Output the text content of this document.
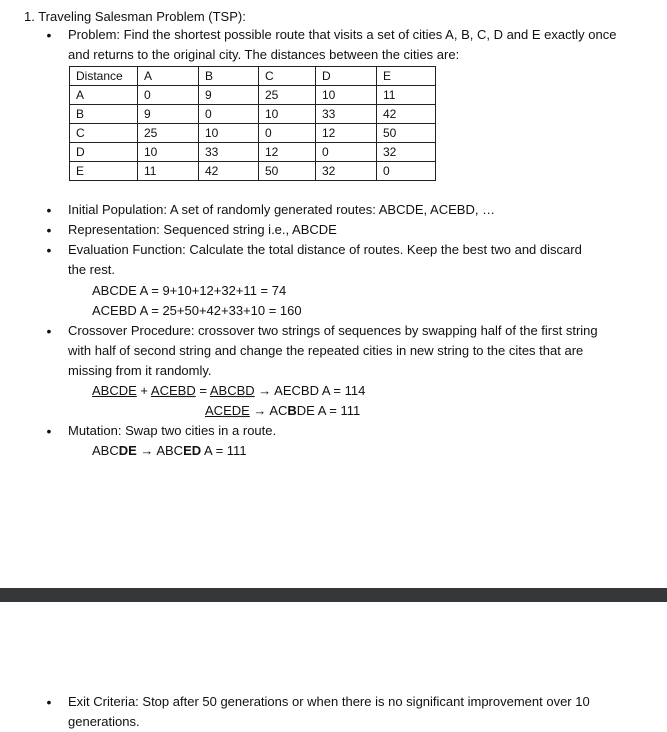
1. Traveling Salesman Problem (TSP):
• Problem: Find the shortest possible route that visits a set of cities A, B, C, D and E exactly once and returns to the original city. The distances between the cities are:
Distance	A	B	C	D	E
A	0	9	25	10	11
B	9	0	10	33	42
C	25	10	0	12	50
D	10	33	12	0	32
E	11	42	50	32	0
• Initial Population: A set of randomly generated routes: ABCDE, ACEBD, …
• Representation: Sequenced string i.e., ABCDE
• Evaluation Function: Calculate the total distance of routes. Keep the best two and discard the rest.
ABCDE A = 9+10+12+32+11 = 74
ACEBD A = 25+50+42+33+10 = 160
• Crossover Procedure: crossover two strings of sequences by swapping half of the first string with half of second string and change the repeated cities in new string to the cites that are missing from it randomly.
ABCDE + ACEBD = ABCBD → AECBD A = 114
ACEDE → ACBDE A = 111
• Mutation: Swap two cities in a route.
ABCDE → ABCED A = 111
• Exit Criteria: Stop after 50 generations or when there is no significant improvement over 10 generations.
